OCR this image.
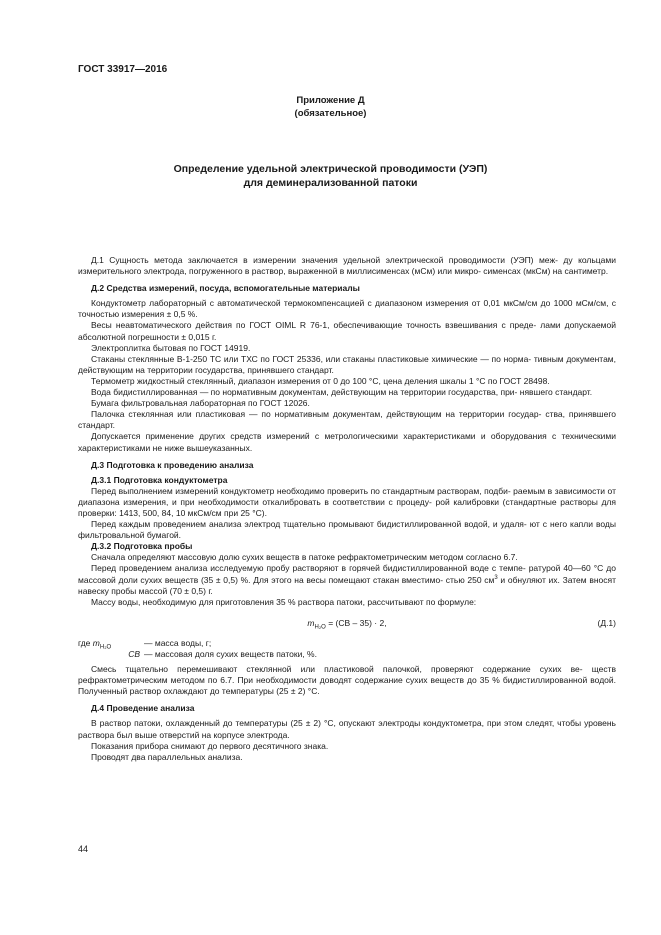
ГОСТ 33917—2016
Приложение Д
(обязательное)
Определение удельной электрической проводимости (УЭП)
для деминерализованной патоки

Д.1 Сущность метода заключается в измерении значения удельной электрической проводимости (УЭП) меж- ду кольцами измерительного электрода, погруженного в раствор, выраженной в миллисименсах (мСм) или микро- сименсах (мкСм) на сантиметр.

Д.2 Средства измерений, посуда, вспомогательные материалы

Кондуктометр лабораторный с автоматической термокомпенсацией с диапазоном измерения от 0,01 мкСм/см до 1000 мСм/см, с точностью измерения ± 0,5 %.

Весы неавтоматического действия по ГОСТ OIML R 76-1, обеспечивающие точность взвешивания с преде- лами допускаемой абсолютной погрешности ± 0,015 г.

Электроплитка бытовая по ГОСТ 14919.

Стаканы стеклянные В-1-250 ТС или ТХС по ГОСТ 25336, или стаканы пластиковые химические — по норма- тивным документам, действующим на территории государства, принявшего стандарт.

Термометр жидкостный стеклянный, диапазон измерения от 0 до 100 °С, цена деления шкалы 1 °С по ГОСТ 28498.

Вода бидистиллированная — по нормативным документам, действующим на территории государства, при- нявшего стандарт.

Бумага фильтровальная лабораторная по ГОСТ 12026.

Палочка стеклянная или пластиковая — по нормативным документам, действующим на территории государ- ства, принявшего стандарт.

Допускается применение других средств измерений с метрологическими характеристиками и оборудования с техническими характеристиками не ниже вышеуказанных.

Д.3 Подготовка к проведению анализа
Д.3.1 Подготовка кондуктометра

Перед выполнением измерений кондуктометр необходимо проверить по стандартным растворам, подби- раемым в зависимости от диапазона измерения, и при необходимости откалибровать в соответствии с процеду- рой калибровки (стандартные растворы для проверки: 1413, 500, 84, 10 мкСм/см при 25 °С).

Перед каждым проведением анализа электрод тщательно промывают бидистиллированной водой, и удаля- ют с него капли воды фильтровальной бумагой.

Д.3.2 Подготовка пробы

Сначала определяют массовую долю сухих веществ в патоке рефрактометрическим методом согласно 6.7.

Перед проведением анализа исследуемую пробу растворяют в горячей бидистиллированной воде с темпе- ратурой 40—60 °С до массовой доли сухих веществ (35 ± 0,5) %. Для этого на весы помещают стакан вместимо- стью 250 $см^3$ и обнуляют их. Затем вносят навеску пробы массой (70 ± 0,5) г.

Массу воды, необходимую для приготовления 35 % раствора патоки, рассчитывают по формуле:

$m_{H_2O} = (CB - 35) \cdot 2$,	(Д.1)
где $m_{H_2O}$	— масса воды, г;
CB — массовая доля сухих веществ патоки, %.

Смесь тщательно перемешивают стеклянной или пластиковой палочкой, проверяют содержание сухих ве- ществ рефрактометрическим методом по 6.7. При необходимости доводят содержание сухих веществ до 35 % бидистиллированной водой. Полученный раствор охлаждают до температуры (25 ± 2) °С.

Д.4 Проведение анализа

В раствор патоки, охлажденный до температуры (25 ± 2) °С, опускают электроды кондуктометра, при этом следят, чтобы уровень раствора был выше отверстий на корпусе электрода.

Показания прибора снимают до первого десятичного знака.

Проводят два параллельных анализа.

44
